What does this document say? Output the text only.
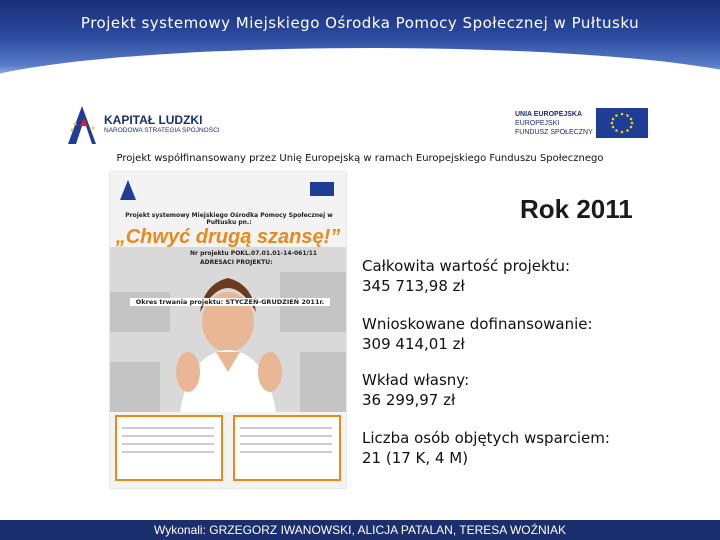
Projekt systemowy Miejskiego Ośrodka Pomocy Społecznej w Pułtusku
KAPITAŁ LUDZKI
NARODOWA STRATEGIA SPÓJNOŚCI
UNIA EUROPEJSKA
EUROPEJSKI
FUNDUSZ SPOŁECZNY
Projekt współfinansowany przez Unię Europejską w ramach Europejskiego Funduszu Społecznego
Projekt systemowy Miejskiego Ośrodka Pomocy Społecznej w Pułtusku pn.:
„Chwyć drugą szansę!”
Nr projektu POKL.07.01.01-14-061/11
ADRESACI PROJEKTU:
Okres trwania projektu: STYCZEŃ-GRUDZIEŃ 2011r.
Rok 2011
Całkowita wartość projektu:
345 713,98 zł
Wnioskowane dofinansowanie:
309 414,01 zł
Wkład własny:
36 299,97 zł
Liczba osób objętych wsparciem:
21 (17 K, 4 M)
Wykonali: GRZEGORZ IWANOWSKI, ALICJA PATALAN, TERESA WOŹNIAK
